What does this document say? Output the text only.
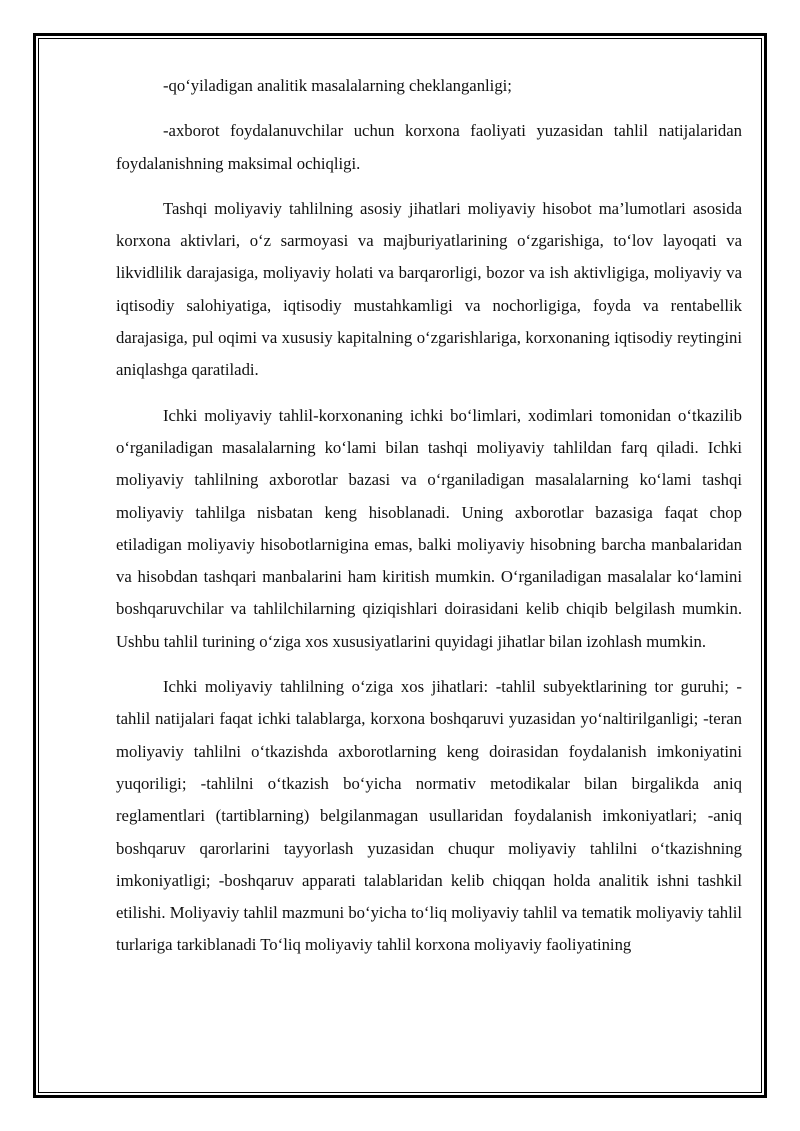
-qo‘yiladigan analitik masalalarning cheklanganligi;

-axborot foydalanuvchilar uchun korxona faoliyati yuzasidan tahlil natijalaridan foydalanishning maksimal ochiqligi.

Tashqi moliyaviy tahlilning asosiy jihatlari moliyaviy hisobot ma’lumotlari asosida korxona aktivlari, o‘z sarmoyasi va majburiyatlarining o‘zgarishiga, to‘lov layoqati va likvidlilik darajasiga, moliyaviy holati va barqarorligi, bozor va ish aktivligiga, moliyaviy va iqtisodiy salohiyatiga, iqtisodiy mustahkamligi va nochorligiga, foyda va rentabellik darajasiga, pul oqimi va xususiy kapitalning o‘zgarishlariga, korxonaning iqtisodiy reytingini aniqlashga qaratiladi.

Ichki moliyaviy tahlil-korxonaning ichki bo‘limlari, xodimlari tomonidan o‘tkazilib o‘rganiladigan masalalarning ko‘lami bilan tashqi moliyaviy tahlildan farq qiladi. Ichki moliyaviy tahlilning axborotlar bazasi va o‘rganiladigan masalalarning ko‘lami tashqi moliyaviy tahlilga nisbatan keng hisoblanadi. Uning axborotlar bazasiga faqat chop etiladigan moliyaviy hisobotlarnigina emas, balki moliyaviy hisobning barcha manbalaridan va hisobdan tashqari manbalarini ham kiritish mumkin. O‘rganiladigan masalalar ko‘lamini boshqaruvchilar va tahlilchilarning qiziqishlari doirasidani kelib chiqib belgilash mumkin. Ushbu tahlil turining o‘ziga xos xususiyatlarini quyidagi jihatlar bilan izohlash mumkin.

Ichki moliyaviy tahlilning o‘ziga xos jihatlari: -tahlil subyektlarining tor guruhi; -tahlil natijalari faqat ichki talablarga, korxona boshqaruvi yuzasidan yo‘naltirilganligi; -teran moliyaviy tahlilni o‘tkazishda axborotlarning keng doirasidan foydalanish imkoniyatini yuqoriligi; -tahlilni o‘tkazish bo‘yicha normativ metodikalar bilan birgalikda aniq reglamentlari (tartiblarning) belgilanmagan usullaridan foydalanish imkoniyatlari; -aniq boshqaruv qarorlarini tayyorlash yuzasidan chuqur moliyaviy tahlilni o‘tkazishning imkoniyatligi; -boshqaruv apparati talablaridan kelib chiqqan holda analitik ishni tashkil etilishi. Moliyaviy tahlil mazmuni bo‘yicha to‘liq moliyaviy tahlil va tematik moliyaviy tahlil turlariga tarkiblanadi To‘liq moliyaviy tahlil korxona moliyaviy faoliyatining
